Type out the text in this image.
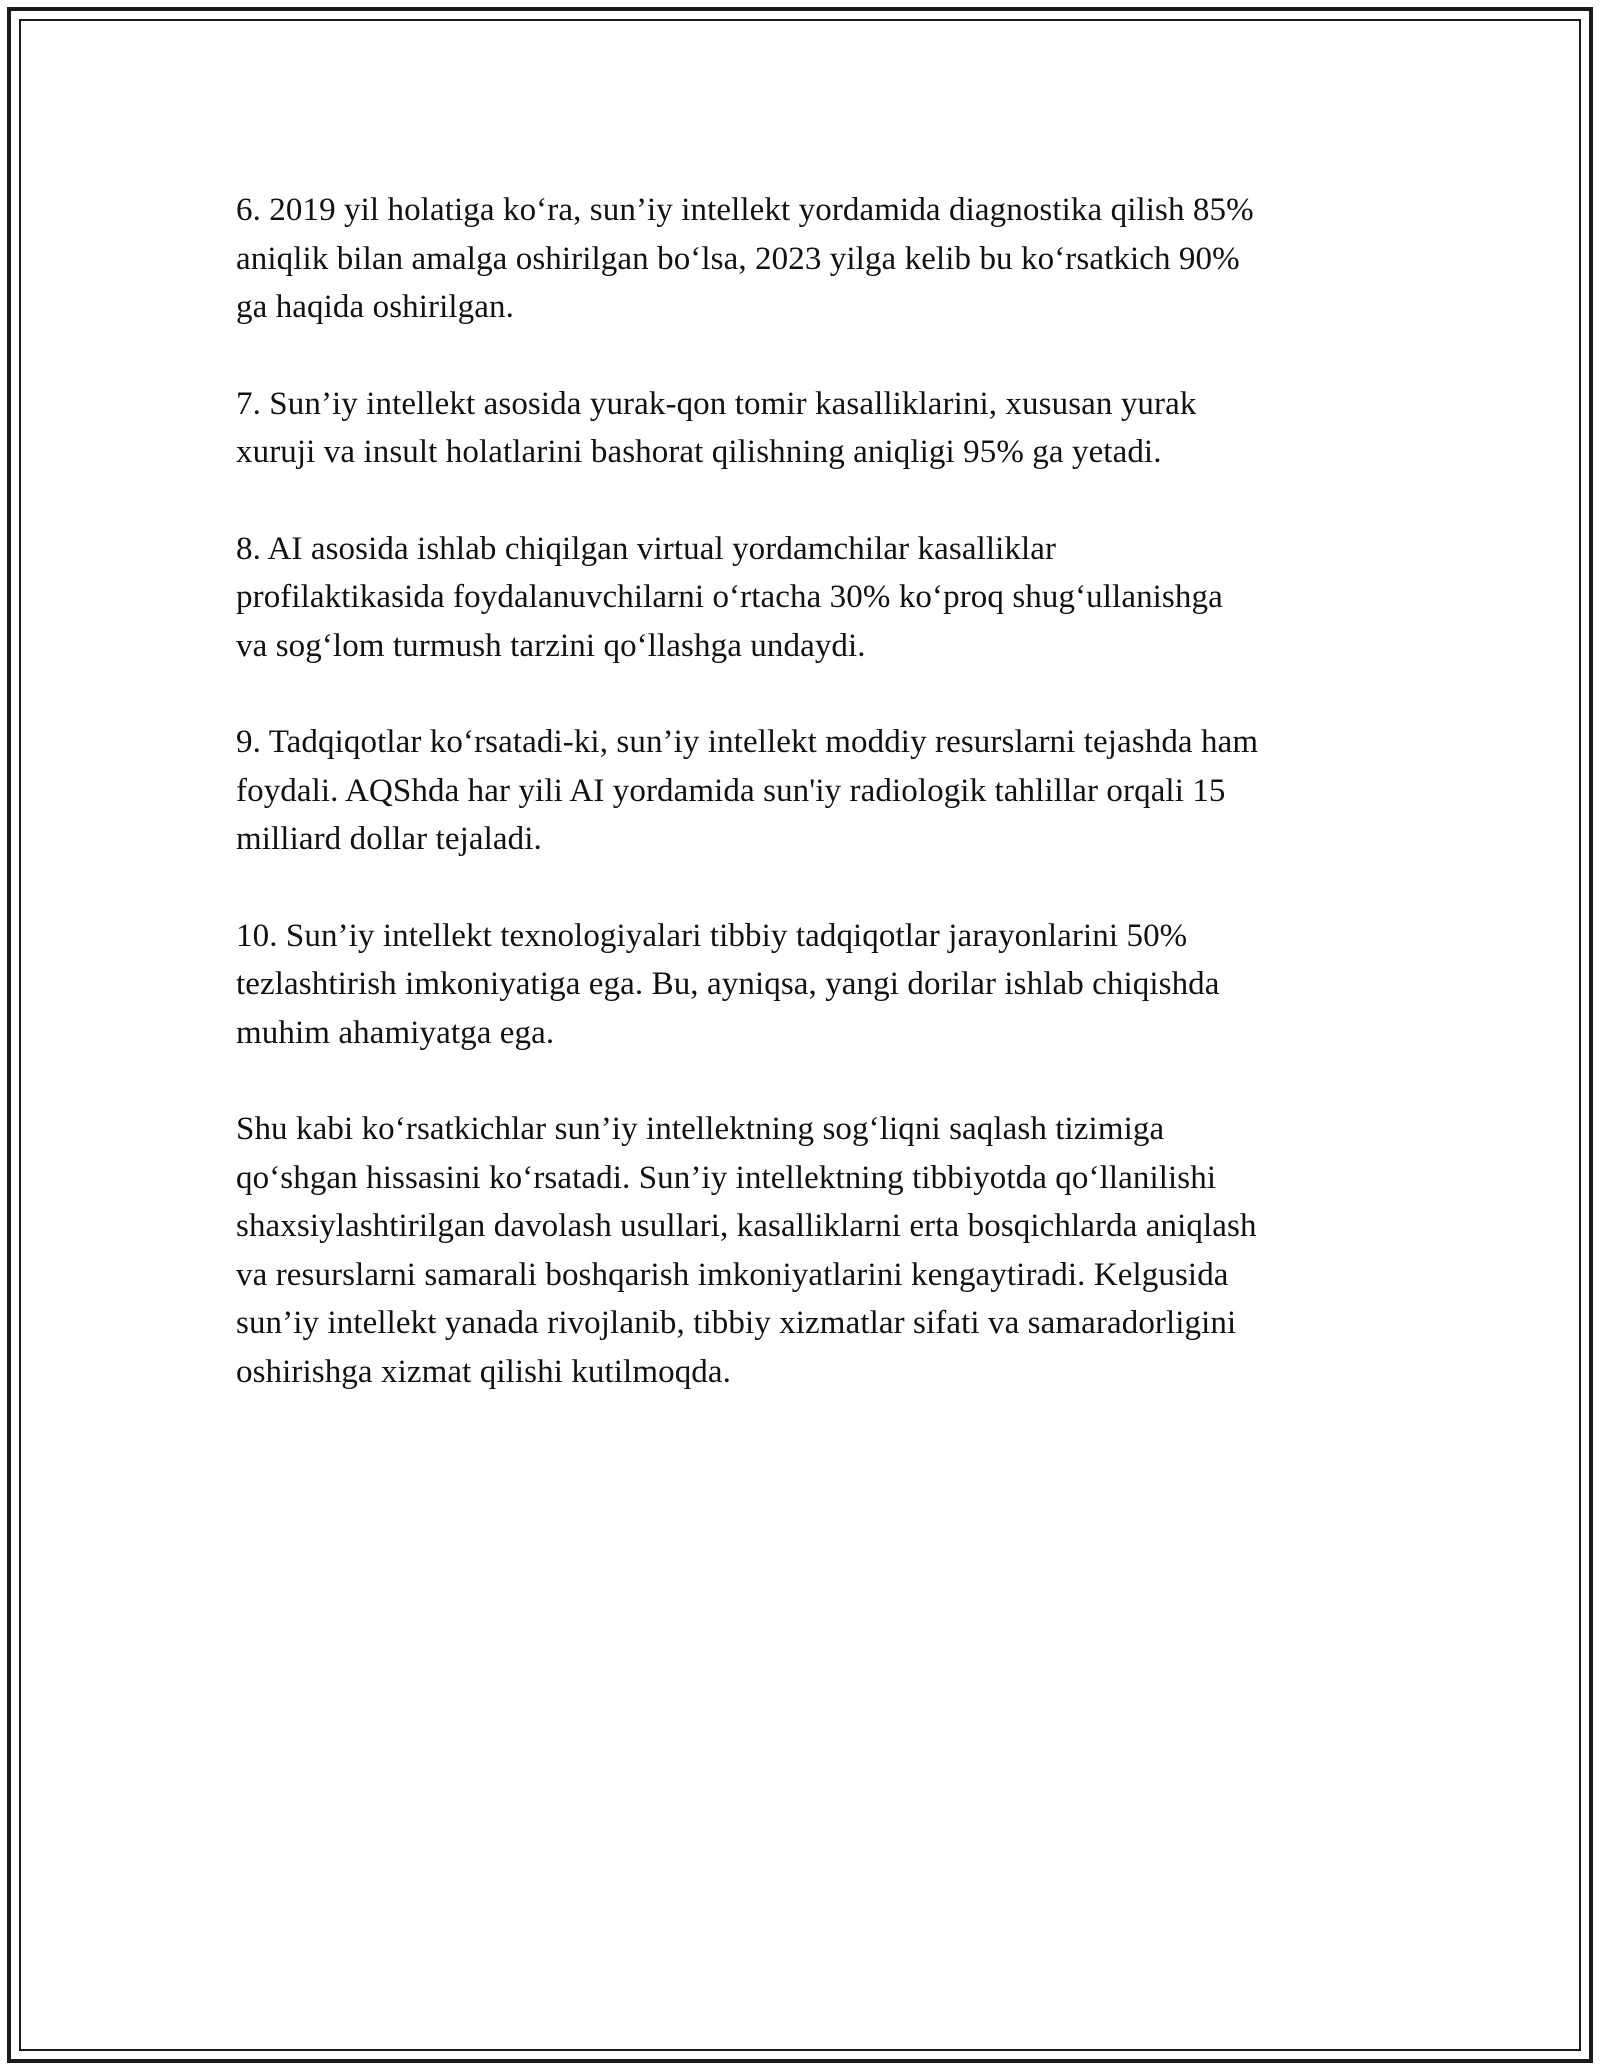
6. 2019 yil holatiga ko‘ra, sun’iy intellekt yordamida diagnostika qilish 85%
aniqlik bilan amalga oshirilgan bo‘lsa, 2023 yilga kelib bu ko‘rsatkich 90%
ga haqida oshirilgan.

7. Sun’iy intellekt asosida yurak-qon tomir kasalliklarini, xususan yurak
xuruji va insult holatlarini bashorat qilishning aniqligi 95% ga yetadi.

8. AI asosida ishlab chiqilgan virtual yordamchilar kasalliklar
profilaktikasida foydalanuvchilarni o‘rtacha 30% ko‘proq shug‘ullanishga
va sog‘lom turmush tarzini qo‘llashga undaydi.

9. Tadqiqotlar ko‘rsatadi-ki, sun’iy intellekt moddiy resurslarni tejashda ham
foydali. AQShda har yili AI yordamida sun'iy radiologik tahlillar orqali 15
milliard dollar tejaladi.

10. Sun’iy intellekt texnologiyalari tibbiy tadqiqotlar jarayonlarini 50%
tezlashtirish imkoniyatiga ega. Bu, ayniqsa, yangi dorilar ishlab chiqishda
muhim ahamiyatga ega.

Shu kabi ko‘rsatkichlar sun’iy intellektning sog‘liqni saqlash tizimiga
qo‘shgan hissasini ko‘rsatadi. Sun’iy intellektning tibbiyotda qo‘llanilishi
shaxsiylashtirilgan davolash usullari, kasalliklarni erta bosqichlarda aniqlash
va resurslarni samarali boshqarish imkoniyatlarini kengaytiradi. Kelgusida
sun’iy intellekt yanada rivojlanib, tibbiy xizmatlar sifati va samaradorligini
oshirishga xizmat qilishi kutilmoqda.
